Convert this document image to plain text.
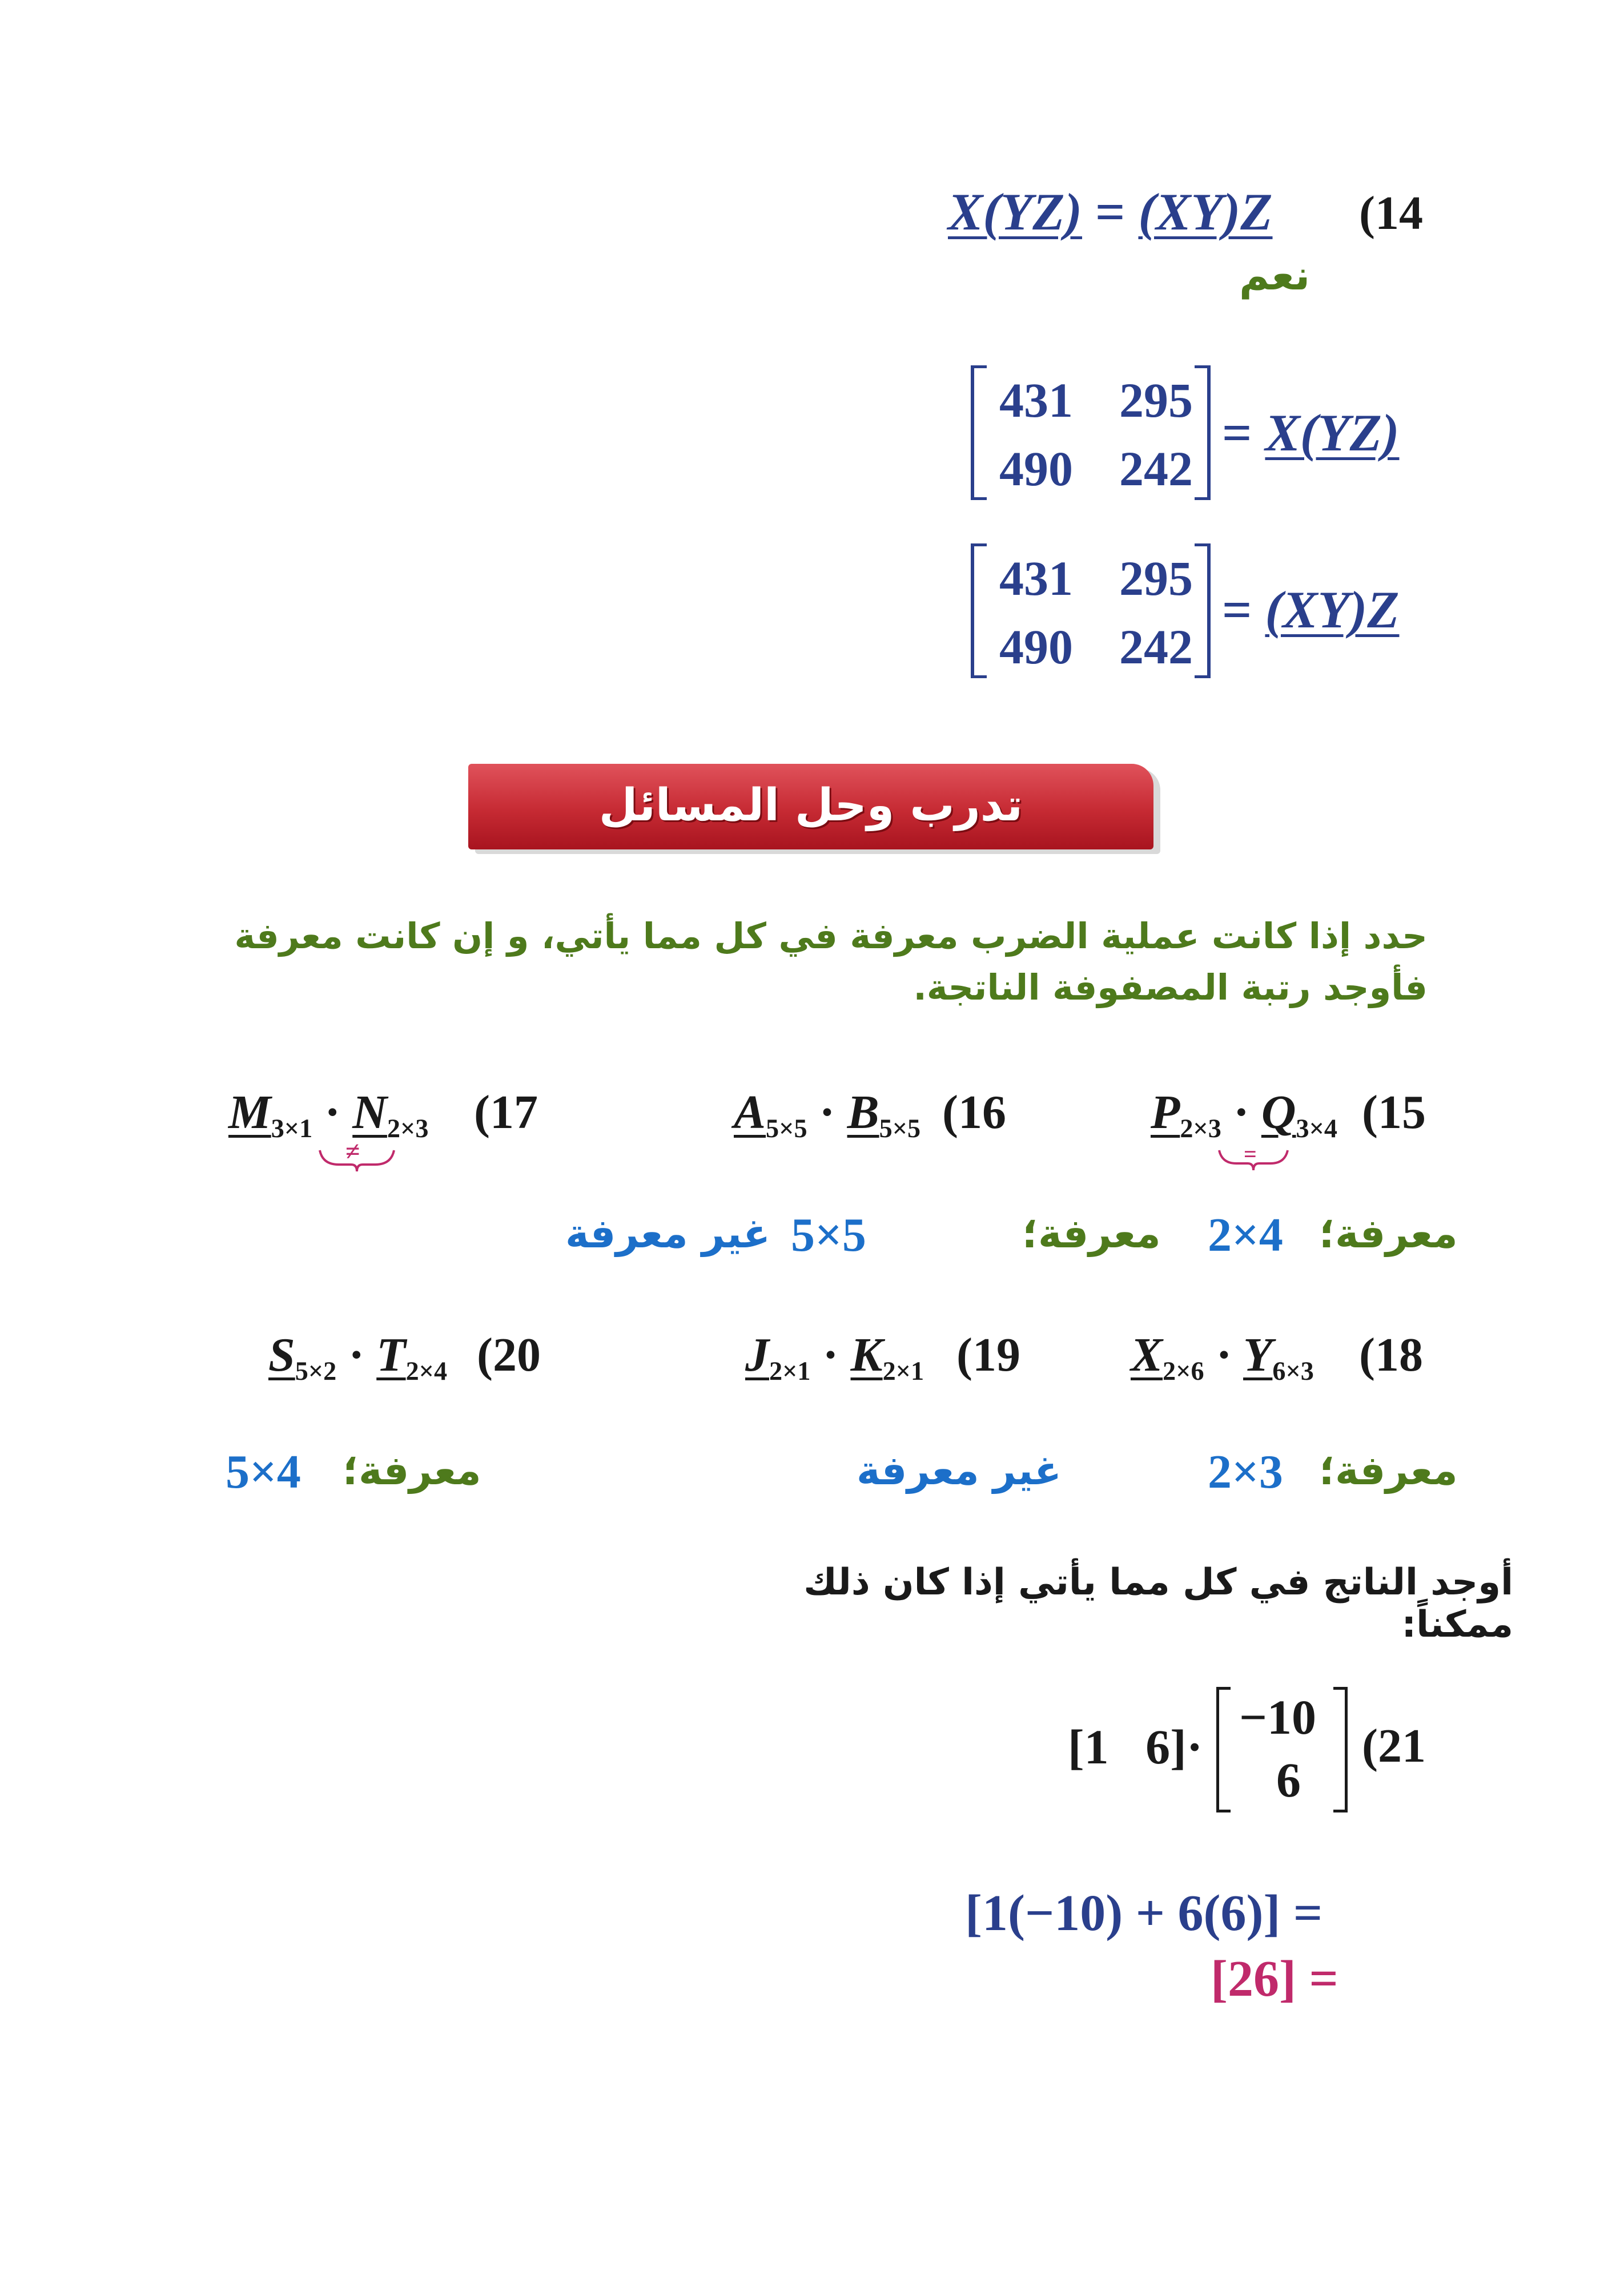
(14
X(YZ) = (XY)Z
نعم
431 295
490 242
= X(YZ)
431 295
490 242
= (XY)Z
تدرب وحل المسائل
حدد إذا كانت عملية الضرب معرفة في كل مما يأتي، و إن كانت معرفة فأوجد رتبة المصفوفة الناتجة.
(15
$P_{2\times 3} \cdot Q_{3\times 4}$
=
(16
$A_{5\times 5} \cdot B_{5\times 5}$
(17
$M_{3\times 1} \cdot N_{2\times 3}$
≠
معرفة؛
2×4
معرفة؛
5×5
غير معرفة
(18
$X_{2\times 6} \cdot Y_{6\times 3}$
(19
$J_{2\times 1} \cdot K_{2\times 1}$
(20
$S_{5\times 2} \cdot T_{2\times 4}$
معرفة؛
2×3
غير معرفة
معرفة؛
5×4
أوجد الناتج في كل مما يأتي إذا كان ذلك ممكناً:
(21
[1   6]·
−10
6
[1(−10) + 6(6)] =
[26] =
